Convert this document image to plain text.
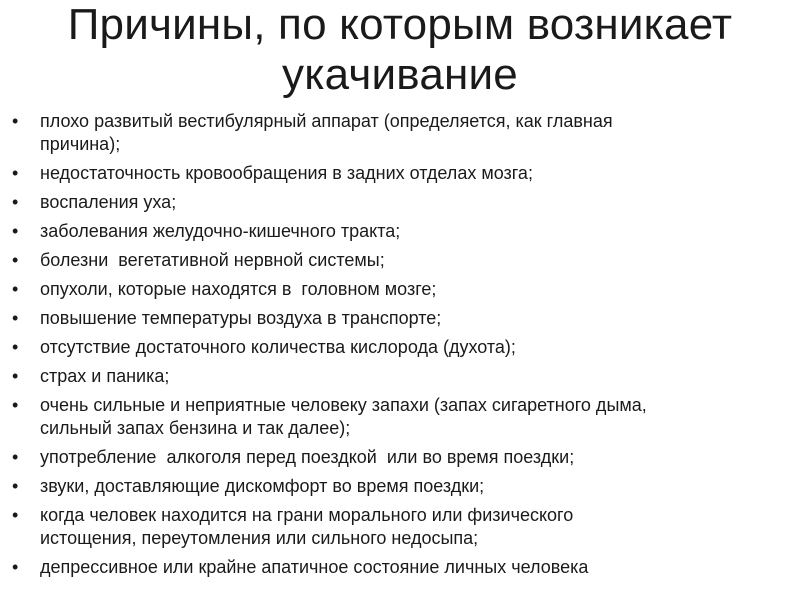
Причины, по которым возникает
укачивание
• плохо развитый вестибулярный аппарат (определяется, как главная
причина);
• недостаточность кровообращения в задних отделах мозга;
• воспаления уха;
• заболевания желудочно-кишечного тракта;
• болезни  вегетативной нервной системы;
• опухоли, которые находятся в  головном мозге;
• повышение температуры воздуха в транспорте;
• отсутствие достаточного количества кислорода (духота);
• страх и паника;
• очень сильные и неприятные человеку запахи (запах сигаретного дыма,
сильный запах бензина и так далее);
• употребление  алкоголя перед поездкой  или во время поездки;
• звуки, доставляющие дискомфорт во время поездки;
• когда человек находится на грани морального или физического
истощения, переутомления или сильного недосыпа;
• депрессивное или крайне апатичное состояние личных человека
